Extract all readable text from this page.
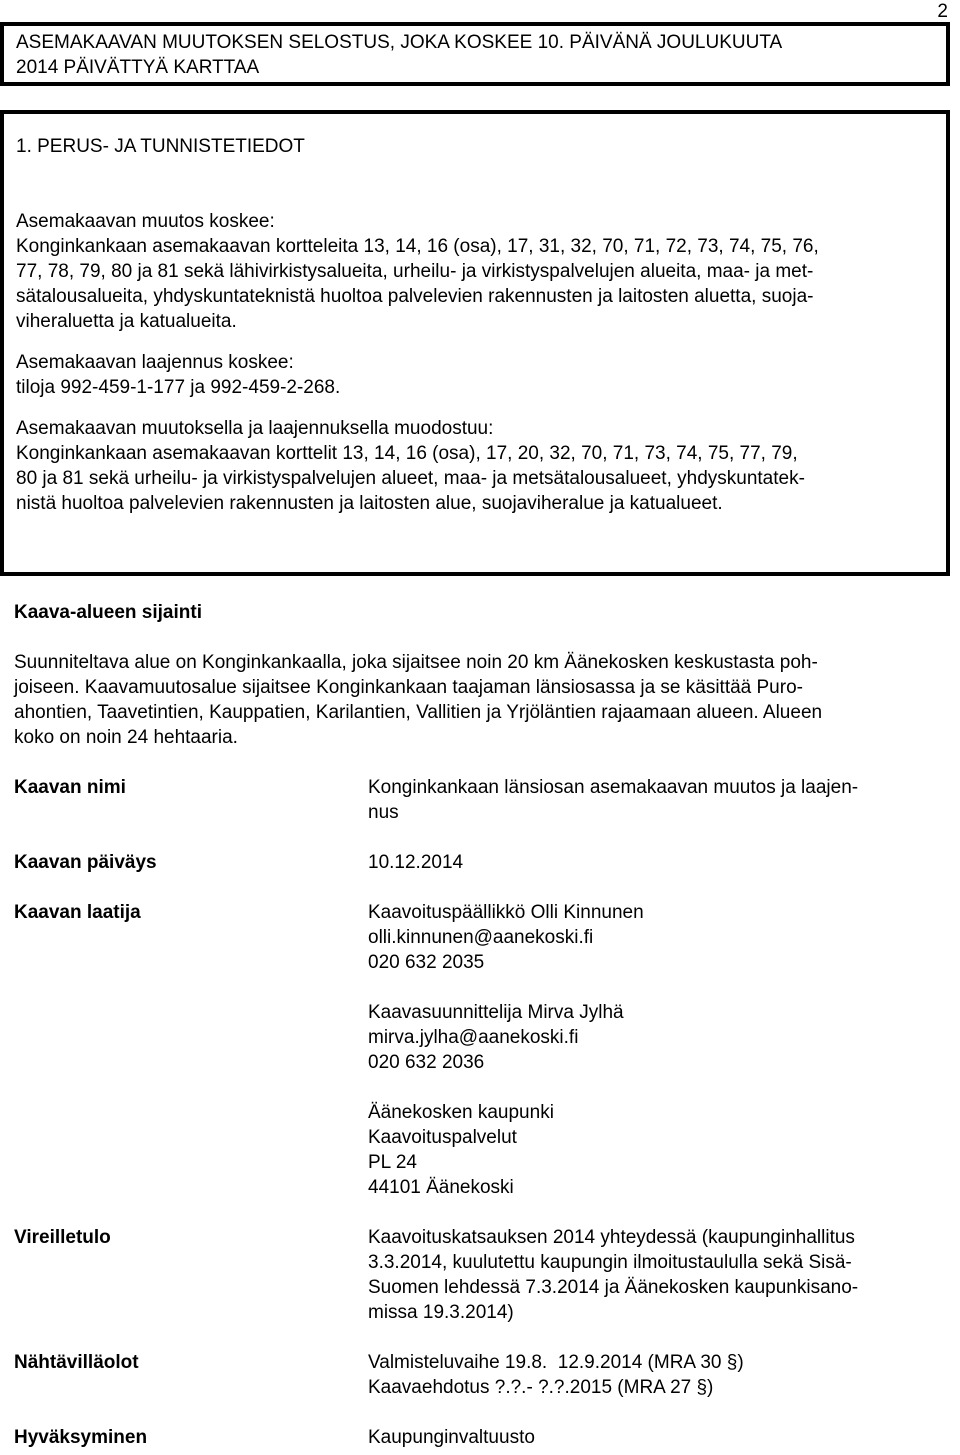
2
ASEMAKAAVAN MUUTOKSEN SELOSTUS, JOKA KOSKEE 10. PÄIVÄNÄ JOULUKUUTA
2014 PÄIVÄTTYÄ KARTTAA
1. PERUS- JA TUNNISTETIEDOT

Asemakaavan muutos koskee:
Konginkankaan asemakaavan kortteleita 13, 14, 16 (osa), 17, 31, 32, 70, 71, 72, 73, 74, 75, 76,
77, 78, 79, 80 ja 81 sekä lähivirkistysalueita, urheilu- ja virkistyspalvelujen alueita, maa- ja met-
sätalousalueita, yhdyskuntateknistä huoltoa palvelevien rakennusten ja laitosten aluetta, suoja-
viheraluetta ja katualueita.

Asemakaavan laajennus koskee:
tiloja 992-459-1-177 ja 992-459-2-268.

Asemakaavan muutoksella ja laajennuksella muodostuu:
Konginkankaan asemakaavan korttelit 13, 14, 16 (osa), 17, 20, 32, 70, 71, 73, 74, 75, 77, 79,
80 ja 81 sekä urheilu- ja virkistyspalvelujen alueet, maa- ja metsätalousalueet, yhdyskuntatek-
nistä huoltoa palvelevien rakennusten ja laitosten alue, suojaviheralue ja katualueet.

Kaava-alueen sijainti
Suunniteltava alue on Konginkankaalla, joka sijaitsee noin 20 km Äänekosken keskustasta poh-
joiseen. Kaavamuutosalue sijaitsee Konginkankaan taajaman länsiosassa ja se käsittää Puro-
ahontien, Taavetintien, Kauppatien, Karilantien, Vallitien ja Yrjöläntien rajaamaan alueen. Alueen
koko on noin 24 hehtaaria.
Kaavan nimi	Konginkankaan länsiosan asemakaavan muutos ja laajen-
nus
Kaavan päiväys	10.12.2014
Kaavan laatija	Kaavoituspäällikkö Olli Kinnunen
olli.kinnunen@aanekoski.fi
020 632 2035
Kaavasuunnittelija Mirva Jylhä
mirva.jylha@aanekoski.fi
020 632 2036
Äänekosken kaupunki
Kaavoituspalvelut
PL 24
44101 Äänekoski
Vireilletulo	Kaavoituskatsauksen 2014 yhteydessä (kaupunginhallitus
3.3.2014, kuulutettu kaupungin ilmoitustaululla sekä Sisä-
Suomen lehdessä 7.3.2014 ja Äänekosken kaupunkisano-
missa 19.3.2014)
Nähtävilläolot	Valmisteluvaihe 19.8.  12.9.2014 (MRA 30 §)
Kaavaehdotus ?.?.- ?.?.2015 (MRA 27 §)
Hyväksyminen	Kaupunginvaltuusto
